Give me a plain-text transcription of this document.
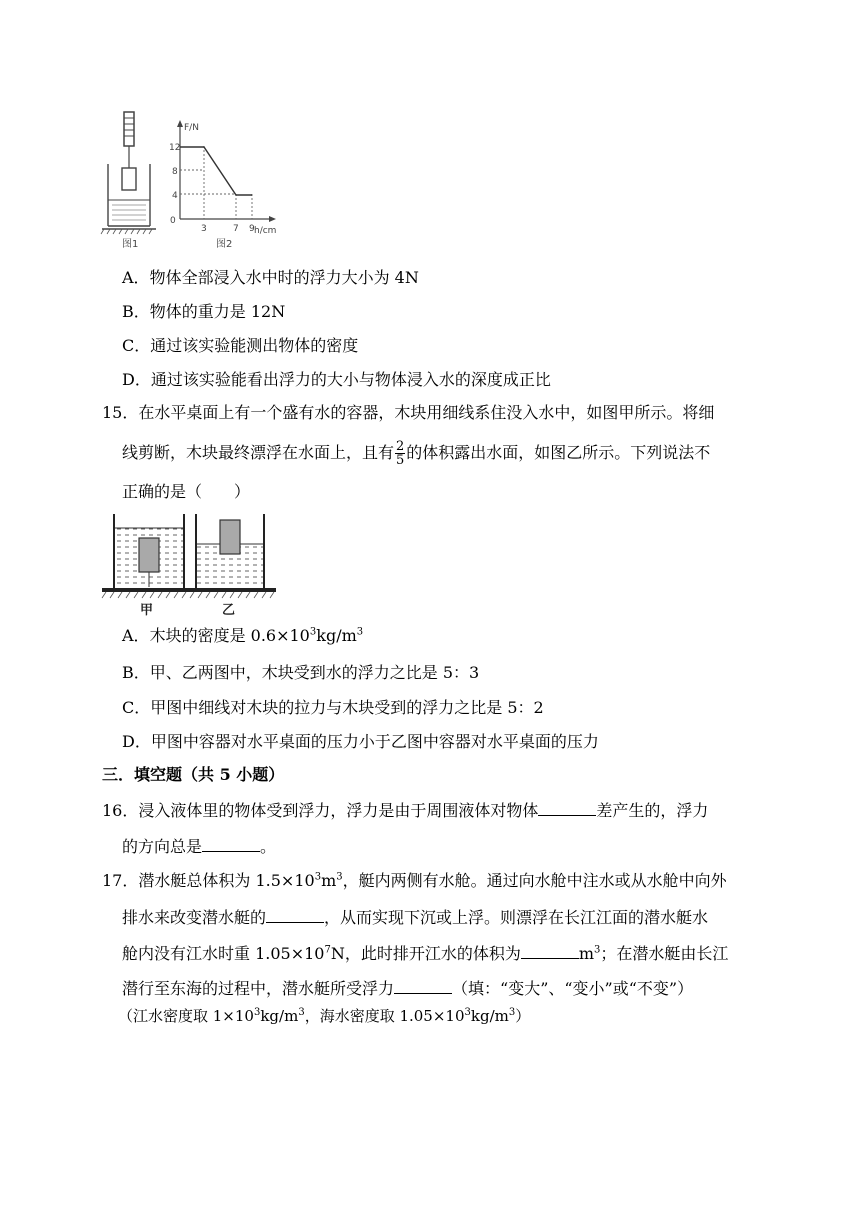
图1
F/N
h/cm
0
12
8
4
3	7 9
图2
A．物体全部浸入水中时的浮力大小为 4N
B．物体的重力是 12N
C．通过该实验能测出物体的密度
D．通过该实验能看出浮力的大小与物体浸入水的深度成正比
15．在水平桌面上有一个盛有水的容器，木块用细线系住没入水中，如图甲所示。将细
线剪断，木块最终漂浮在水面上，且有 $\frac{2}{5}$ 的体积露出水面，如图乙所示。下列说法不
正确的是（　　）
甲	乙
A．木块的密度是 $0.6\times 10^3kg/m^3$
B．甲、乙两图中，木块受到水的浮力之比是 5：3
C．甲图中细线对木块的拉力与木块受到的浮力之比是 5：2
D．甲图中容器对水平桌面的压力小于乙图中容器对水平桌面的压力
三．填空题（共 5 小题）
16．浸入液体里的物体受到浮力，浮力是由于周围液体对物体	差产生的，浮力
的方向总是	。
17．潜水艇总体积为 $1.5\times 10^3m^3$，艇内两侧有水舱。通过向水舱中注水或从水舱中向外
排水来改变潜水艇的	，从而实现下沉或上浮。则漂浮在长江江面的潜水艇水
舱内没有江水时重 $1.05\times 10^7N$，此时排开江水的体积为	$m^3$；在潜水艇由长江
潜行至东海的过程中，潜水艇所受浮力	（填：“变大”、“变小”或“不变”）
（江水密度取 $1\times 10^3kg/m^3$，海水密度取 $1.05\times 10^3kg/m^3$）
